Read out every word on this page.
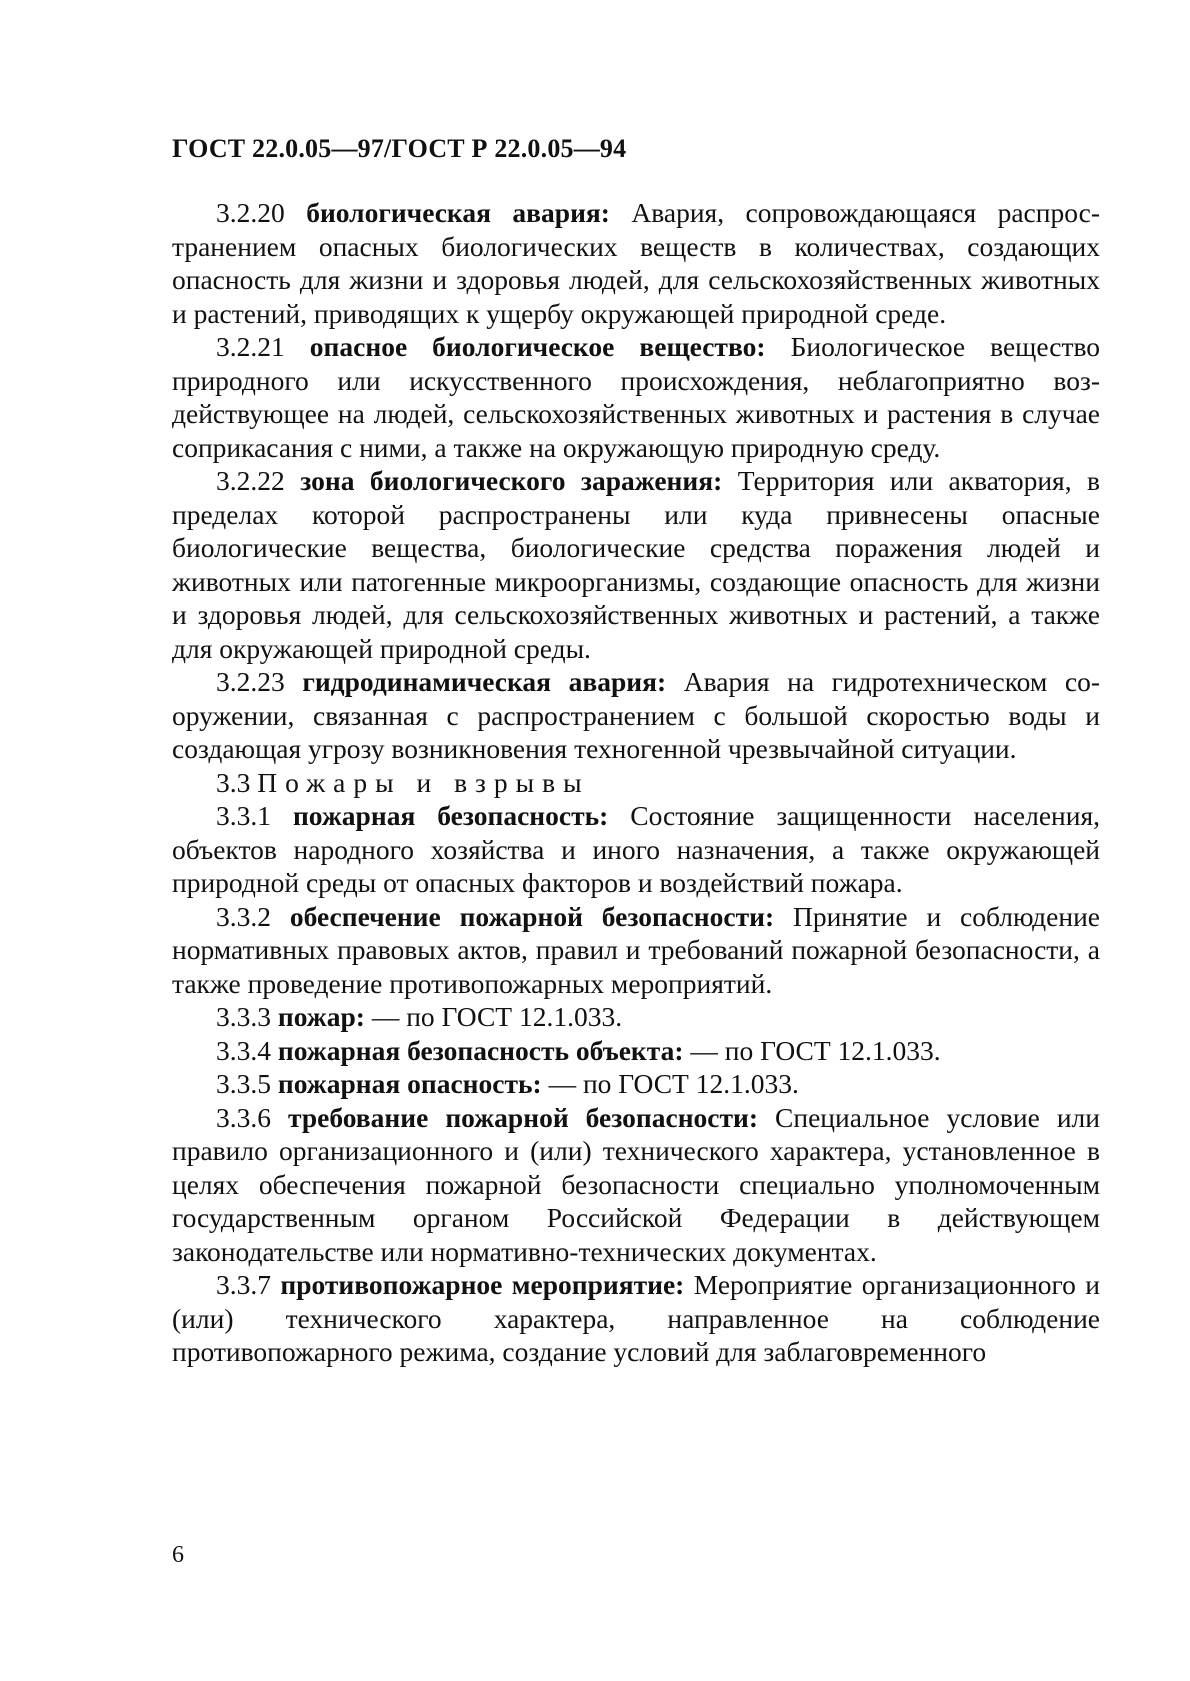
ГОСТ 22.0.05—97/ГОСТ Р 22.0.05—94

3.2.20 биологическая авария: Авария, сопровождающаяся распространением опасных биологических веществ в количествах, создающих опасность для жизни и здоровья людей, для сельскохозяйственных животных и растений, приводящих к ущербу окружающей природной среде.

3.2.21 опасное биологическое вещество: Биологическое вещество природного или искусственного происхождения, неблагоприятно воздействующее на людей, сельскохозяйственных животных и растения в случае соприкасания с ними, а также на окружающую природную среду.

3.2.22 зона биологического заражения: Территория или акватория, в пределах которой распространены или куда привнесены опасные биологические вещества, биологические средства поражения людей и животных или патогенные микроорганизмы, создающие опасность для жизни и здоровья людей, для сельскохозяйственных животных и растений, а также для окружающей природной среды.

3.2.23 гидродинамическая авария: Авария на гидротехническом сооружении, связанная с распространением с большой скоростью воды и создающая угрозу возникновения техногенной чрезвычайной ситуации.

3.3 Пожары и взрывы

3.3.1 пожарная безопасность: Состояние защищенности населения, объектов народного хозяйства и иного назначения, а также окружающей природной среды от опасных факторов и воздействий пожара.

3.3.2 обеспечение пожарной безопасности: Принятие и соблюдение нормативных правовых актов, правил и требований пожарной безопасности, а также проведение противопожарных мероприятий.

3.3.3 пожар: — по ГОСТ 12.1.033.

3.3.4 пожарная безопасность объекта: — по ГОСТ 12.1.033.

3.3.5 пожарная опасность: — по ГОСТ 12.1.033.

3.3.6 требование пожарной безопасности: Специальное условие или правило организационного и (или) технического характера, установленное в целях обеспечения пожарной безопасности специально уполномоченным государственным органом Российской Федерации в действующем законодательстве или нормативно-технических документах.

3.3.7 противопожарное мероприятие: Мероприятие организационного и (или) технического характера, направленное на соблюдение противопожарного режима, создание условий для заблаговременного

6
